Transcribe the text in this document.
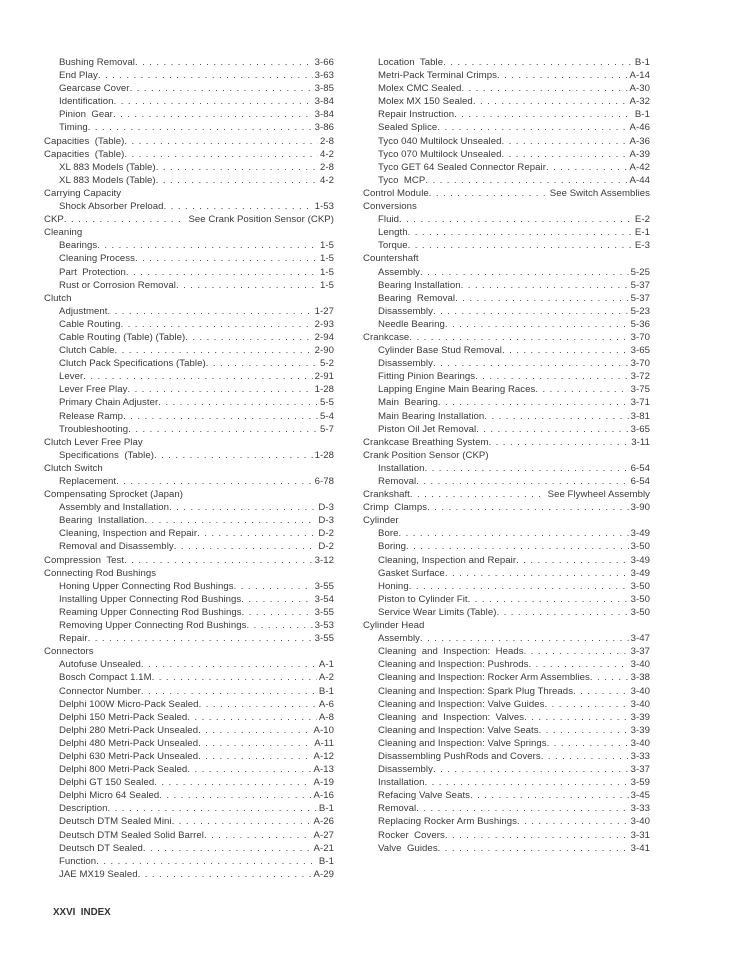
Bushing Removal . . .	3-66
End Play . . .	3-63
Gearcase Cover . . .	3-85
Identification . . .	3-84
Pinion  Gear . . .	3-84
Timing . . .	3-86
Capacities  (Table) . . .	2-8
Capacities  (Table) . . .	4-2
XL 883 Models (Table) . . .	2-8
XL 883 Models (Table) . . .	4-2
Carrying Capacity
Shock Absorber Preload . . .	1-53
CKP . . .	See Crank Position Sensor (CKP)
Cleaning
Bearings . . .	1-5
Cleaning Process . . .	1-5
Part  Protection . . .	1-5
Rust or Corrosion Removal . . .	1-5
Clutch
Adjustment . . .	1-27
Cable Routing . . .	2-93
Cable Routing (Table) (Table) . . .	2-94
Clutch Cable . . .	2-90
Clutch Pack Specifications (Table) . . .	5-2
Lever . . .	2-91
Lever Free Play . . .	1-28
Primary Chain Adjuster . . .	5-5
Release Ramp . . .	5-4
Troubleshooting . . .	5-7
Clutch Lever Free Play
Specifications  (Table) . . .	1-28
Clutch Switch
Replacement . . .	6-78
Compensating Sprocket (Japan)
Assembly and Installation . . .	D-3
Bearing  Installation . . .	D-3
Cleaning, Inspection and Repair . . .	D-2
Removal and Disassembly . . .	D-2
Compression  Test . . .	3-12
Connecting Rod Bushings
Honing Upper Connecting Rod Bushings . . .	3-55
Installing Upper Connecting Rod Bushings . . .	3-54
Reaming Upper Connecting Rod Bushings . . .	3-55
Removing Upper Connecting Rod Bushings . . .	3-53
Repair . . .	3-55
Connectors
Autofuse Unsealed . . .	A-1
Bosch Compact 1.1M . . .	A-2
Connector Number . . .	B-1
Delphi 100W Micro-Pack Sealed . . .	A-6
Delphi 150 Metri-Pack Sealed . . .	A-8
Delphi 280 Metri-Pack Unsealed . . .	A-10
Delphi 480 Metri-Pack Unsealed . . .	A-11
Delphi 630 Metri-Pack Unsealed . . .	A-12
Delphi 800 Metri-Pack Sealed . . .	A-13
Delphi GT 150 Sealed . . .	A-19
Delphi Micro 64 Sealed . . .	A-16
Description . . .	B-1
Deutsch DTM Sealed Mini . . .	A-26
Deutsch DTM Sealed Solid Barrel . . .	A-27
Deutsch DT Sealed . . .	A-21
Function . . .	B-1
JAE MX19 Sealed . . .	A-29
Location  Table . . .	B-1
Metri-Pack Terminal Crimps . . .	A-14
Molex CMC Sealed . . .	A-30
Molex MX 150 Sealed . . .	A-32
Repair Instruction . . .	B-1
Sealed Splice . . .	A-46
Tyco 040 Multilock Unsealed . . .	A-36
Tyco 070 Multilock Unsealed . . .	A-39
Tyco GET 64 Sealed Connector Repair . . .	A-42
Tyco  MCP . . .	A-44
Control Module . . .	See Switch Assemblies
Conversions
Fluid . . .	E-2
Length . . .	E-1
Torque . . .	E-3
Countershaft
Assembly . . .	5-25
Bearing Installation . . .	5-37
Bearing  Removal . . .	5-37
Disassembly . . .	5-23
Needle Bearing . . .	5-36
Crankcase . . .	3-70
Cylinder Base Stud Removal . . .	3-65
Disassembly . . .	3-70
Fitting Pinion Bearings . . .	3-72
Lapping Engine Main Bearing Races . . .	3-75
Main  Bearing . . .	3-71
Main Bearing Installation . . .	3-81
Piston Oil Jet Removal . . .	3-65
Crankcase Breathing System . . .	3-11
Crank Position Sensor (CKP)
Installation . . .	6-54
Removal . . .	6-54
Crankshaft . . .	See Flywheel Assembly
Crimp  Clamps . . .	3-90
Cylinder
Bore . . .	3-49
Boring . . .	3-50
Cleaning, Inspection and Repair . . .	3-49
Gasket Surface . . .	3-49
Honing . . .	3-50
Piston to Cylinder Fit . . .	3-50
Service Wear Limits (Table) . . .	3-50
Cylinder Head
Assembly . . .	3-47
Cleaning  and  Inspection:  Heads . . .	3-37
Cleaning and Inspection: Pushrods . . .	3-40
Cleaning and Inspection: Rocker Arm Assemblies . . .	3-38
Cleaning and Inspection: Spark Plug Threads . . .	3-40
Cleaning and Inspection: Valve Guides . . .	3-40
Cleaning  and  Inspection:  Valves . . .	3-39
Cleaning and Inspection: Valve Seats . . .	3-39
Cleaning and Inspection: Valve Springs . . .	3-40
Disassembling PushRods and Covers . . .	3-33
Disassembly . . .	3-37
Installation . . .	3-59
Refacing Valve Seats . . .	3-45
Removal . . .	3-33
Replacing Rocker Arm Bushings . . .	3-40
Rocker  Covers . . .	3-31
Valve  Guides . . .	3-41
XXVI  INDEX
